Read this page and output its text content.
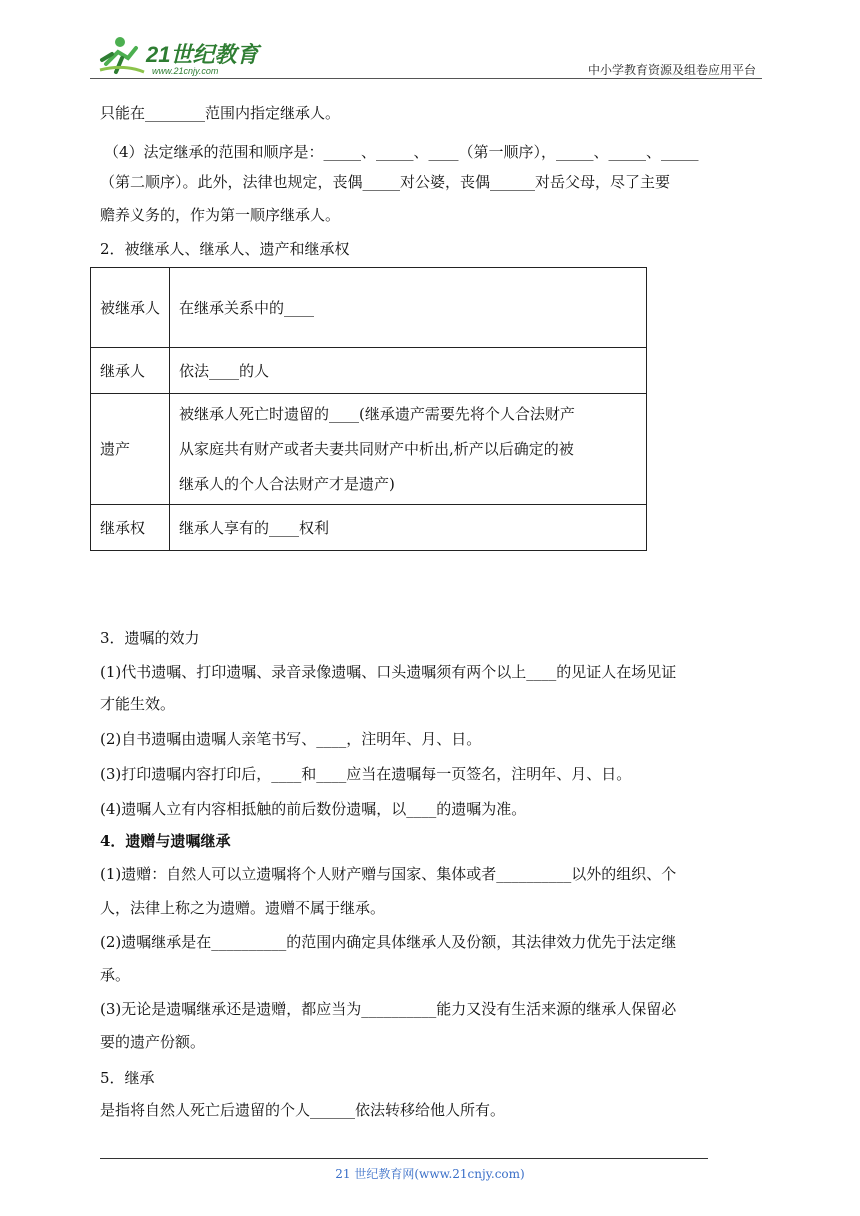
21世纪教育
www.21cnjy.com	中小学教育资源及组卷应用平台
只能在________范围内指定继承人。
（4）法定继承的范围和顺序是：_____、_____、____（第一顺序），_____、_____、_____
（第二顺序）。此外，法律也规定，丧偶_____对公婆，丧偶______对岳父母，尽了主要
赡养义务的，作为第一顺序继承人。
2．被继承人、继承人、遗产和继承权
被继承人	在继承关系中的____
继承人	依法____的人
遗产	被继承人死亡时遗留的____(继承遗产需要先将个人合法财产
从家庭共有财产或者夫妻共同财产中析出,析产以后确定的被
继承人的个人合法财产才是遗产)

继承权	继承人享有的____权利
3．遗嘱的效力
(1)代书遗嘱、打印遗嘱、录音录像遗嘱、口头遗嘱须有两个以上____的见证人在场见证
才能生效。
(2)自书遗嘱由遗嘱人亲笔书写、____，注明年、月、日。
(3)打印遗嘱内容打印后，____和____应当在遗嘱每一页签名，注明年、月、日。
(4)遗嘱人立有内容相抵触的前后数份遗嘱，以____的遗嘱为准。
4．遗赠与遗嘱继承
(1)遗赠：自然人可以立遗嘱将个人财产赠与国家、集体或者__________以外的组织、个
人，法律上称之为遗赠。遗赠不属于继承。
(2)遗嘱继承是在__________的范围内确定具体继承人及份额，其法律效力优先于法定继
承。
(3)无论是遗嘱继承还是遗赠，都应当为__________能力又没有生活来源的继承人保留必
要的遗产份额。
5．继承
是指将自然人死亡后遗留的个人______依法转移给他人所有。
21 世纪教育网(www.21cnjy.com)
